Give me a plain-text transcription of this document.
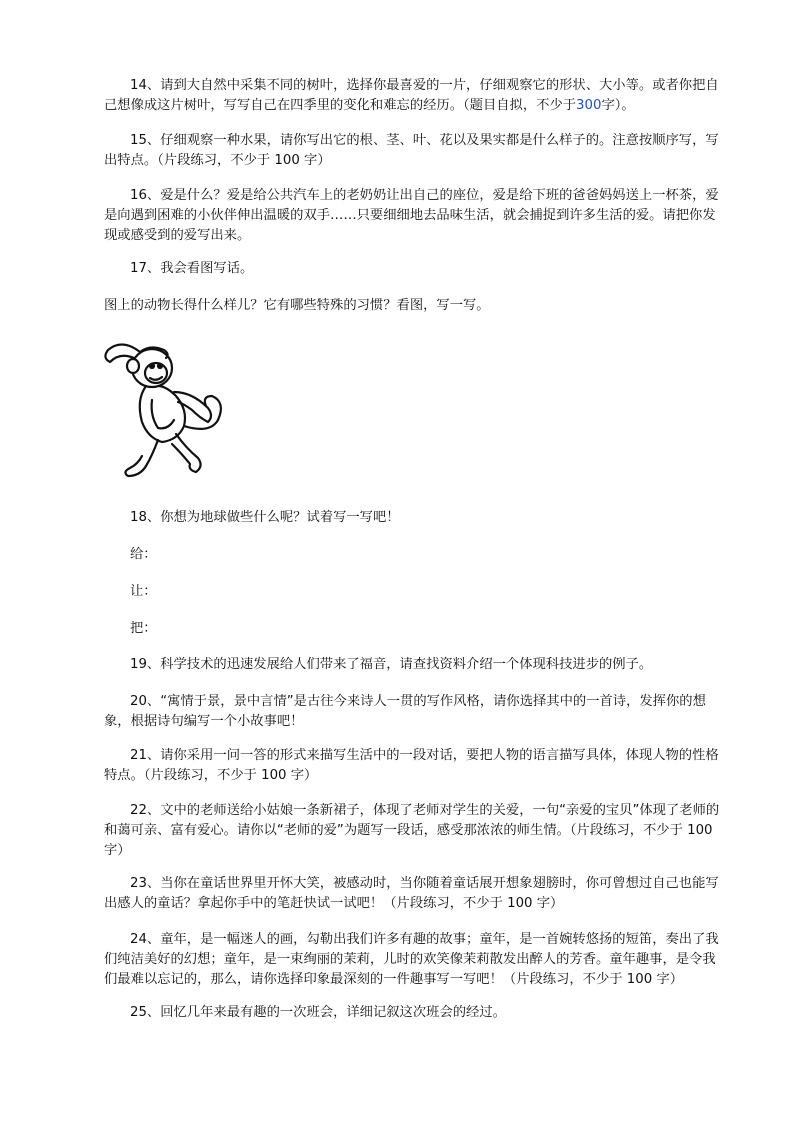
14、请到大自然中采集不同的树叶，选择你最喜爱的一片，仔细观察它的形状、大小等。或者你把自己想像成这片树叶，写写自己在四季里的变化和难忘的经历。（题目自拟，不少于300字）。

15、仔细观察一种水果，请你写出它的根、茎、叶、花以及果实都是什么样子的。注意按顺序写，写出特点。（片段练习，不少于 100 字）

16、爱是什么？爱是给公共汽车上的老奶奶让出自己的座位，爱是给下班的爸爸妈妈送上一杯茶，爱是向遇到困难的小伙伴伸出温暖的双手……只要细细地去品味生活，就会捕捉到许多生活的爱。请把你发现或感受到的爱写出来。

17、我会看图写话。

图上的动物长得什么样儿？它有哪些特殊的习惯？看图，写一写。

18、你想为地球做些什么呢？试着写一写吧！

给：

让：

把：

19、科学技术的迅速发展给人们带来了福音，请查找资料介绍一个体现科技进步的例子。

20、“寓情于景，景中言情”是古往今来诗人一贯的写作风格，请你选择其中的一首诗，发挥你的想象，根据诗句编写一个小故事吧！

21、请你采用一问一答的形式来描写生活中的一段对话，要把人物的语言描写具体，体现人物的性格特点。（片段练习，不少于 100 字）

22、文中的老师送给小姑娘一条新裙子，体现了老师对学生的关爱，一句“亲爱的宝贝”体现了老师的和蔼可亲、富有爱心。请你以“老师的爱”为题写一段话，感受那浓浓的师生情。（片段练习，不少于 100 字）

23、当你在童话世界里开怀大笑，被感动时，当你随着童话展开想象翅膀时，你可曾想过自己也能写出感人的童话？拿起你手中的笔赶快试一试吧！（片段练习，不少于 100 字）

24、童年，是一幅迷人的画，勾勒出我们许多有趣的故事；童年，是一首婉转悠扬的短笛，奏出了我们纯洁美好的幻想；童年，是一束绚丽的茉莉，儿时的欢笑像茉莉散发出醉人的芳香。童年趣事，是令我们最难以忘记的，那么，请你选择印象最深刻的一件趣事写一写吧！（片段练习，不少于 100 字）

25、回忆几年来最有趣的一次班会，详细记叙这次班会的经过。
